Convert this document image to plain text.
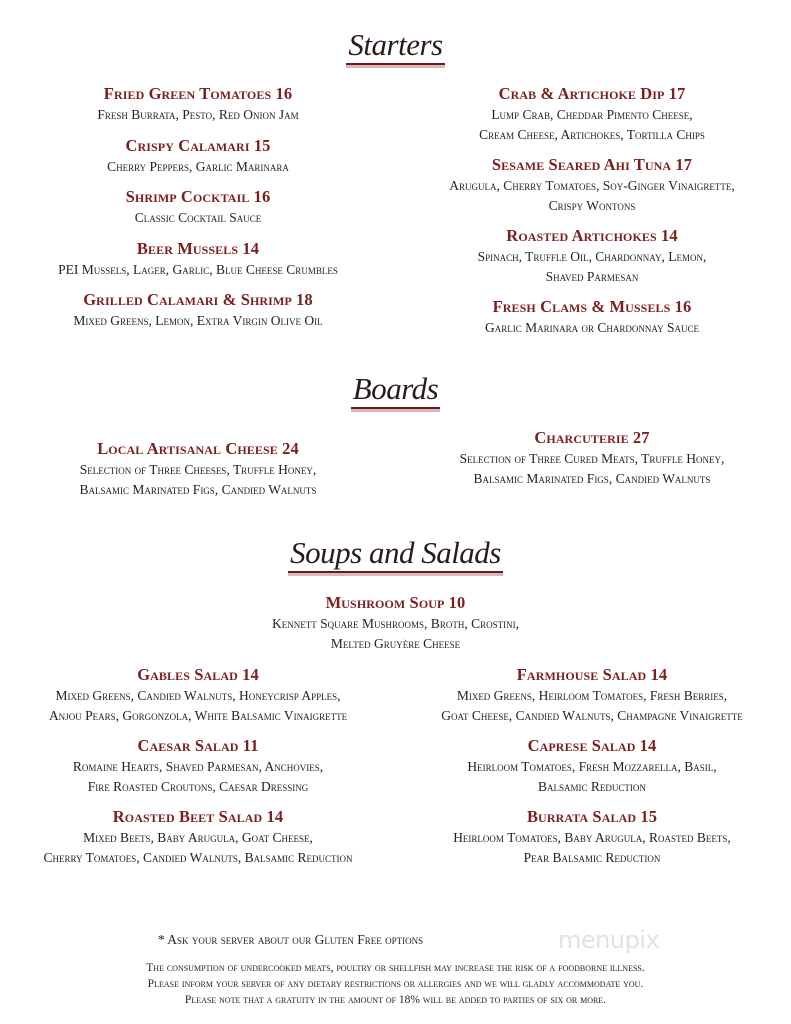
Starters
Fried Green Tomatoes 16
Fresh Burrata, Pesto, Red Onion Jam
Crispy Calamari 15
Cherry Peppers, Garlic Marinara
Shrimp Cocktail 16
Classic Cocktail Sauce
Beer Mussels 14
PEI Mussels, Lager, Garlic, Blue Cheese Crumbles
Grilled Calamari & Shrimp 18
Mixed Greens, Lemon, Extra Virgin Olive Oil
Crab & Artichoke Dip 17
Lump Crab, Cheddar Pimento Cheese,
Cream Cheese, Artichokes, Tortilla Chips
Sesame Seared Ahi Tuna 17
Arugula, Cherry Tomatoes, Soy-Ginger Vinaigrette,
Crispy Wontons
Roasted Artichokes 14
Spinach, Truffle Oil, Chardonnay, Lemon,
Shaved Parmesan
Fresh Clams & Mussels 16
Garlic Marinara or Chardonnay Sauce
Boards
Local Artisanal Cheese 24
Selection of Three Cheeses, Truffle Honey,
Balsamic Marinated Figs, Candied Walnuts
Charcuterie 27
Selection of Three Cured Meats, Truffle Honey,
Balsamic Marinated Figs, Candied Walnuts
Soups and Salads
Mushroom Soup 10
Kennett Square Mushrooms, Broth, Crostini,
Melted Gruyère Cheese
Gables Salad 14
Mixed Greens, Candied Walnuts, Honeycrisp Apples,
Anjou Pears, Gorgonzola, White Balsamic Vinaigrette
Caesar Salad 11
Romaine Hearts, Shaved Parmesan, Anchovies,
Fire Roasted Croutons, Caesar Dressing
Roasted Beet Salad 14
Mixed Beets, Baby Arugula, Goat Cheese,
Cherry Tomatoes, Candied Walnuts, Balsamic Reduction
Farmhouse Salad 14
Mixed Greens, Heirloom Tomatoes, Fresh Berries,
Goat Cheese, Candied Walnuts, Champagne Vinaigrette
Caprese Salad 14
Heirloom Tomatoes, Fresh Mozzarella, Basil,
Balsamic Reduction
Burrata Salad 15
Heirloom Tomatoes, Baby Arugula, Roasted Beets,
Pear Balsamic Reduction
* Ask your server about our Gluten Free options	menupix
The consumption of undercooked meats, poultry or shellfish may increase the risk of a foodborne illness.
Please inform your server of any dietary restrictions or allergies and we will gladly accommodate you.
Please note that a gratuity in the amount of 18% will be added to parties of six or more.
